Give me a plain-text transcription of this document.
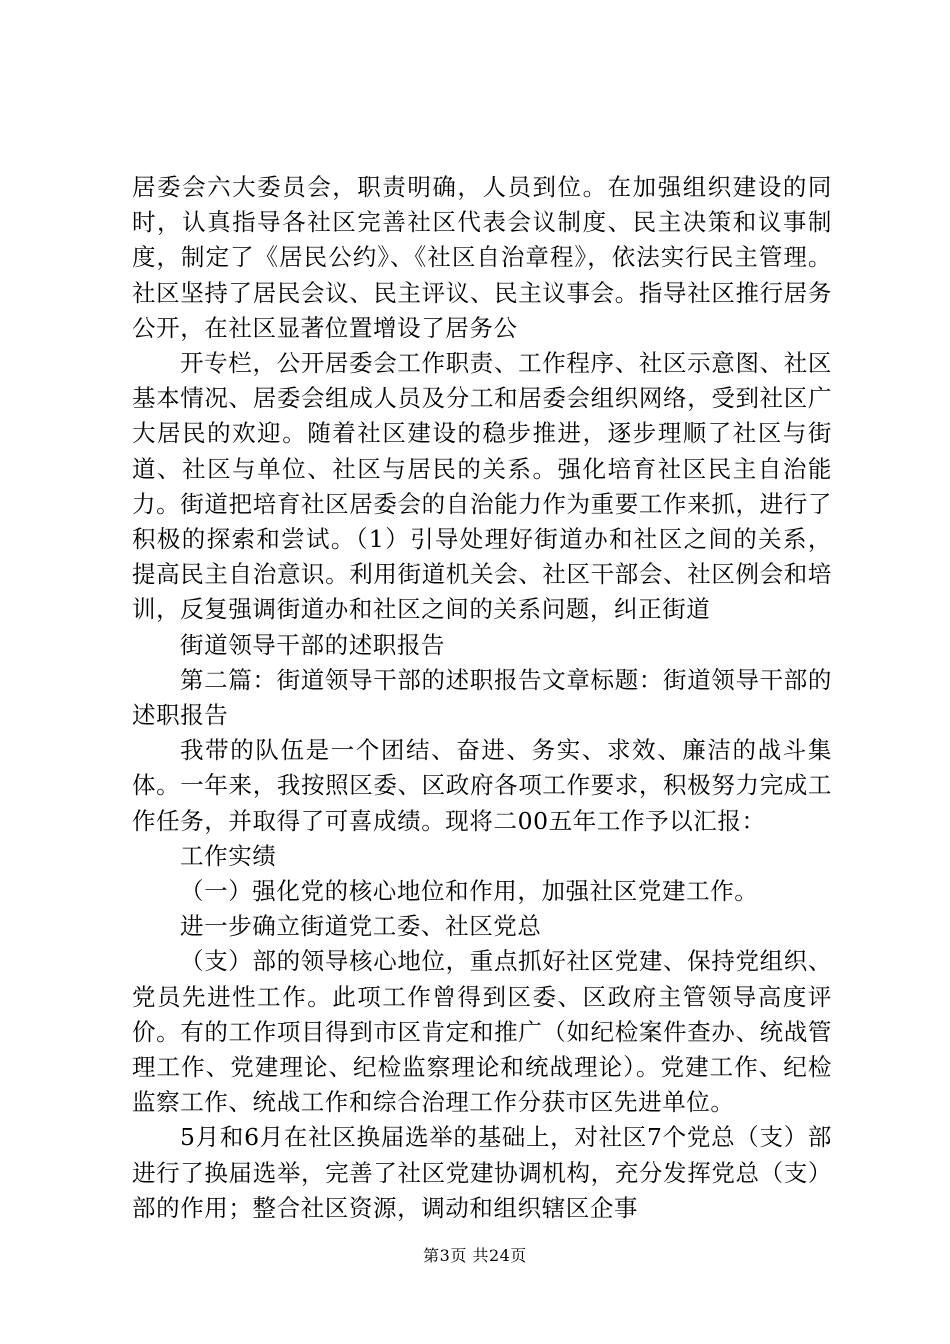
居委会六大委员会，职责明确，人员到位。在加强组织建设的同时，认真指导各社区完善社区代表会议制度、民主决策和议事制度，制定了《居民公约》、《社区自治章程》，依法实行民主管理。社区坚持了居民会议、民主评议、民主议事会。指导社区推行居务公开，在社区显著位置增设了居务公

开专栏，公开居委会工作职责、工作程序、社区示意图、社区基本情况、居委会组成人员及分工和居委会组织网络，受到社区广大居民的欢迎。随着社区建设的稳步推进，逐步理顺了社区与街道、社区与单位、社区与居民的关系。强化培育社区民主自治能力。街道把培育社区居委会的自治能力作为重要工作来抓，进行了积极的探索和尝试。（1）引导处理好街道办和社区之间的关系，提高民主自治意识。利用街道机关会、社区干部会、社区例会和培训，反复强调街道办和社区之间的关系问题，纠正街道

街道领导干部的述职报告

第二篇：街道领导干部的述职报告文章标题：街道领导干部的述职报告

我带的队伍是一个团结、奋进、务实、求效、廉洁的战斗集体。一年来，我按照区委、区政府各项工作要求，积极努力完成工作任务，并取得了可喜成绩。现将二00五年工作予以汇报：

工作实绩

（一）强化党的核心地位和作用，加强社区党建工作。

进一步确立街道党工委、社区党总

（支）部的领导核心地位，重点抓好社区党建、保持党组织、党员先进性工作。此项工作曾得到区委、区政府主管领导高度评价。有的工作项目得到市区肯定和推广（如纪检案件查办、统战管理工作、党建理论、纪检监察理论和统战理论）。党建工作、纪检监察工作、统战工作和综合治理工作分获市区先进单位。

5月和6月在社区换届选举的基础上，对社区7个党总（支）部进行了换届选举，完善了社区党建协调机构，充分发挥党总（支）部的作用；整合社区资源，调动和组织辖区企事

第3页 共24页
